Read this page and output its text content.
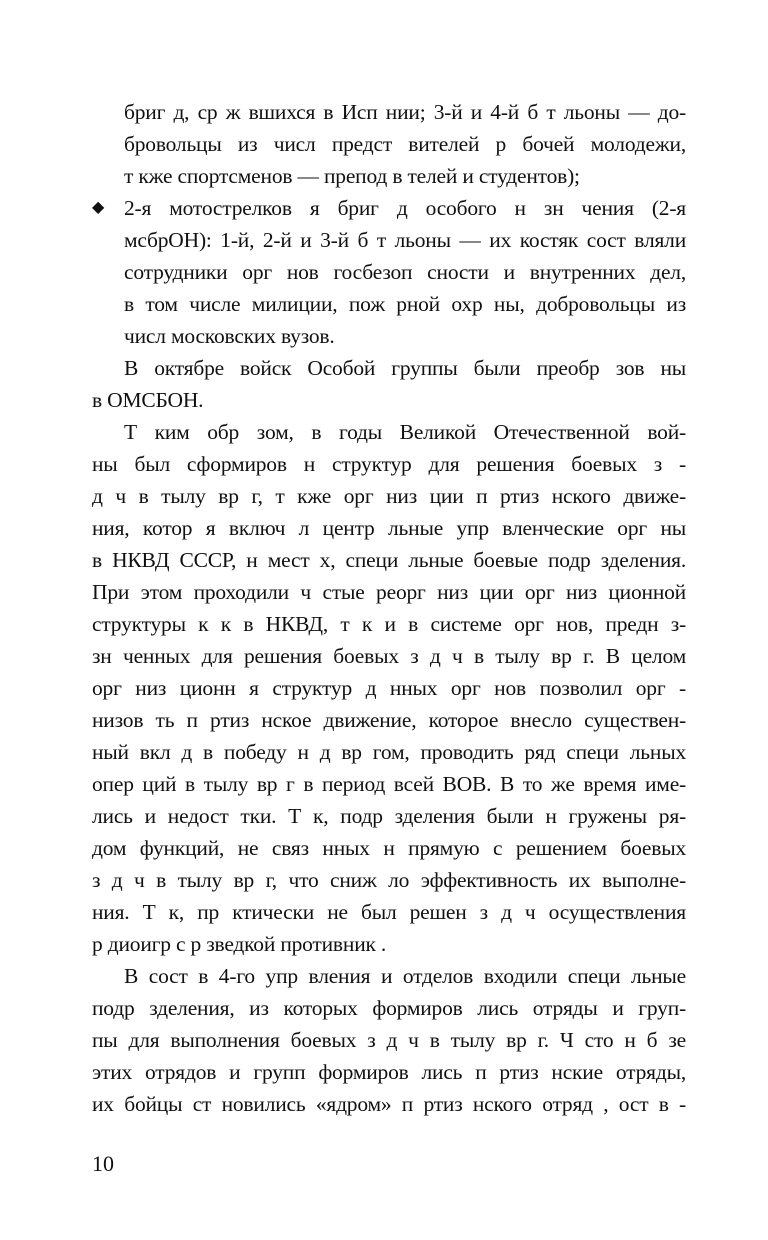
бриг д, ср ж вшихся в Исп нии; 3-й и 4-й б т льоны — до-
бровольцы из числ предст вителей р бочей молодежи,
т кже спортсменов — препод в телей и студентов);
◆ 2-я мотострелков я бриг д особого н зн чения (2-я
мсбрОН): 1-й, 2-й и 3-й б т льоны — их костяк сост вляли
сотрудники орг нов госбезоп сности и внутренних дел,
в том числе милиции, пож рной охр ны, добровольцы из
числ московских вузов.
В октябре войск Особой группы были преобр зов ны
в ОМСБОН.
Т ким обр зом, в годы Великой Отечественной вой-
ны был сформиров н структур для решения боевых з -
д ч в тылу вр г, т кже орг низ ции п ртиз нского движе-
ния, котор я включ л центр льные упр вленческие орг ны
в НКВД СССР, н мест х, специ льные боевые подр зделения.
При этом проходили ч стые реорг низ ции орг низ ционной
структуры к к в НКВД, т к и в системе орг нов, предн з-
зн ченных для решения боевых з д ч в тылу вр г. В целом
орг низ ционн я структур д нных орг нов позволил орг -
низов ть п ртиз нское движение, которое внесло существен-
ный вкл д в победу н д вр гом, проводить ряд специ льных
опер ций в тылу вр г в период всей ВОВ. В то же время име-
лись и недост тки. Т к, подр зделения были н гружены ря-
дом функций, не связ нных н прямую с решением боевых
з д ч в тылу вр г, что сниж ло эффективность их выполне-
ния. Т к, пр ктически не был решен з д ч осуществления
р диоигр с р зведкой противник .
В сост в 4-го упр вления и отделов входили специ льные
подр зделения, из которых формиров лись отряды и груп-
пы для выполнения боевых з д ч в тылу вр г. Ч сто н б зе
этих отрядов и групп формиров лись п ртиз нские отряды,
их бойцы ст новились «ядром» п ртиз нского отряд , ост в -
10
